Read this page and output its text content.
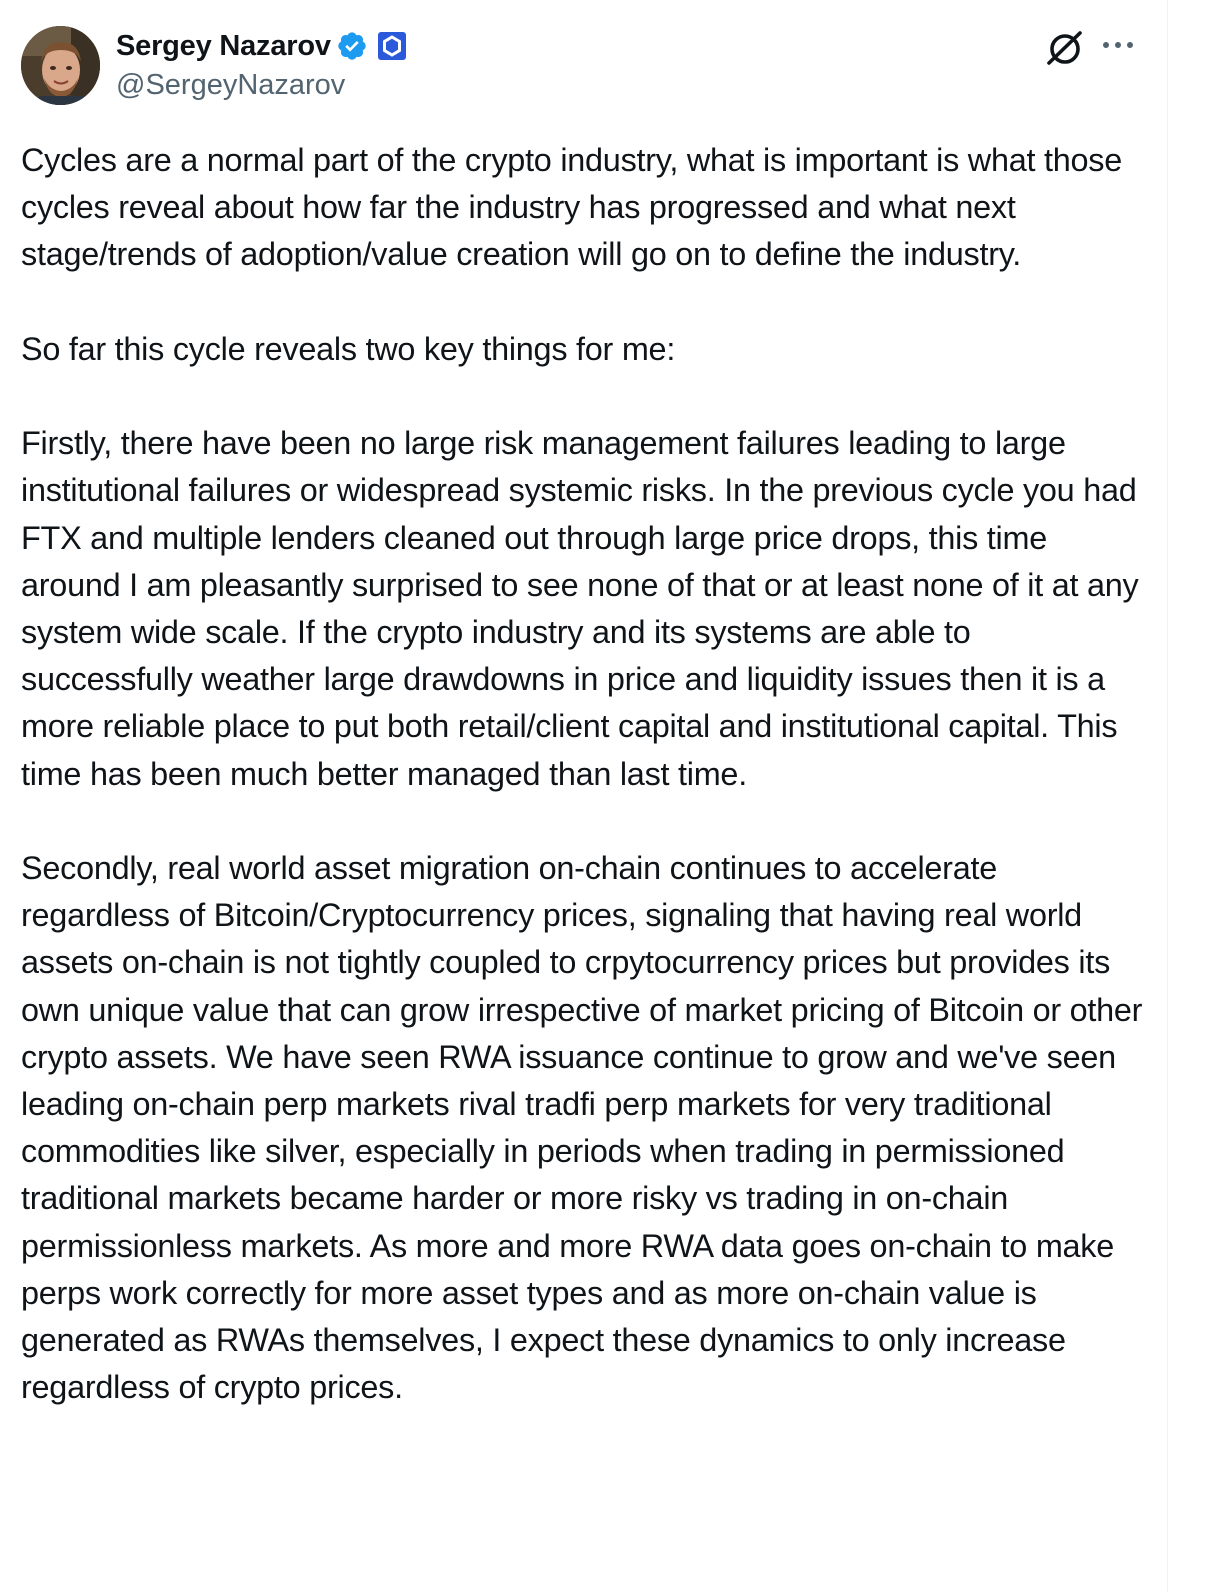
Sergey Nazarov
@SergeyNazarov

Cycles are a normal part of the crypto industry, what is important is what those cycles reveal about how far the industry has progressed and what next stage/trends of adoption/value creation will go on to define the industry.

So far this cycle reveals two key things for me:

Firstly, there have been no large risk management failures leading to large institutional failures or widespread systemic risks. In the previous cycle you had FTX and multiple lenders cleaned out through large price drops, this time around I am pleasantly surprised to see none of that or at least none of it at any system wide scale. If the crypto industry and its systems are able to successfully weather large drawdowns in price and liquidity issues then it is a more reliable place to put both retail/client capital and institutional capital. This time has been much better managed than last time.

Secondly, real world asset migration on-chain continues to accelerate regardless of Bitcoin/Cryptocurrency prices, signaling that having real world assets on-chain is not tightly coupled to crpytocurrency prices but provides its own unique value that can grow irrespective of market pricing of Bitcoin or other crypto assets. We have seen RWA issuance continue to grow and we've seen leading on-chain perp markets rival tradfi perp markets for very traditional commodities like silver, especially in periods when trading in permissioned traditional markets became harder or more risky vs trading in on-chain permissionless markets. As more and more RWA data goes on-chain to make perps work correctly for more asset types and as more on-chain value is generated as RWAs themselves, I expect these dynamics to only increase regardless of crypto prices.
